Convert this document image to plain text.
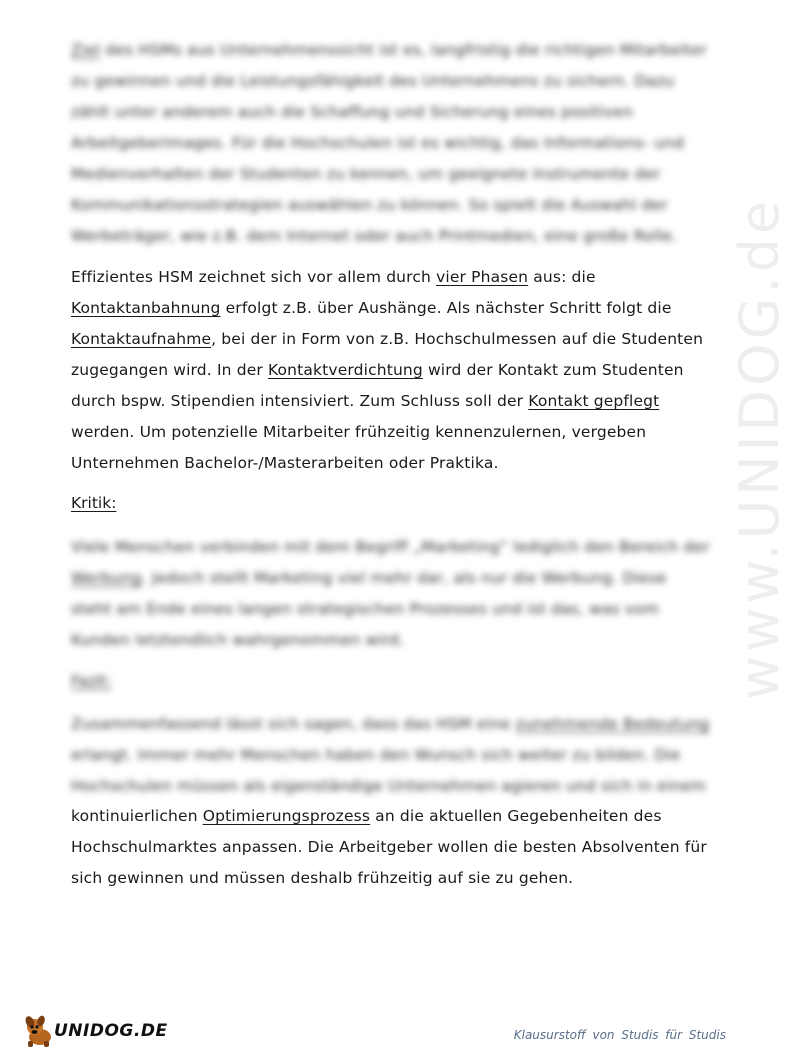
www.UNIDOG.de

Ziel des HSMs aus Unternehmenssicht ist es, langfristig die richtigen Mitarbeiter zu gewinnen und die Leistungsfähigkeit des Unternehmens zu sichern. Dazu zählt unter anderem auch die Schaffung und Sicherung eines positiven Arbeitgeberimages. Für die Hochschulen ist es wichtig, das Informations- und Medienverhalten der Studenten zu kennen, um geeignete Instrumente der Kommunikationsstrategien auswählen zu können. So spielt die Auswahl der Werbeträger, wie z.B. dem Internet oder auch Printmedien, eine große Rolle.

Effizientes HSM zeichnet sich vor allem durch vier Phasen aus: die Kontaktanbahnung erfolgt z.B. über Aushänge. Als nächster Schritt folgt die Kontaktaufnahme, bei der in Form von z.B. Hochschulmessen auf die Studenten zugegangen wird. In der Kontaktverdichtung wird der Kontakt zum Studenten durch bspw. Stipendien intensiviert. Zum Schluss soll der Kontakt gepflegt werden. Um potenzielle Mitarbeiter frühzeitig kennenzulernen, vergeben Unternehmen Bachelor-/Masterarbeiten oder Praktika.

Kritik:

Viele Menschen verbinden mit dem Begriff „Marketing“ lediglich den Bereich der Werbung. Jedoch stellt Marketing viel mehr dar, als nur die Werbung. Diese steht am Ende eines langen strategischen Prozesses und ist das, was vom Kunden letztendlich wahrgenommen wird.

Fazit:

Zusammenfassend lässt sich sagen, dass das HSM eine zunehmende Bedeutung erlangt. Immer mehr Menschen haben den Wunsch sich weiter zu bilden. Die Hochschulen müssen als eigenständige Unternehmen agieren und sich in einem

kontinuierlichen Optimierungsprozess an die aktuellen Gegebenheiten des Hochschulmarktes anpassen. Die Arbeitgeber wollen die besten Absolventen für sich gewinnen und müssen deshalb frühzeitig auf sie zu gehen.

UNIDOG.DE	Klausurstoff von Studis für Studis
